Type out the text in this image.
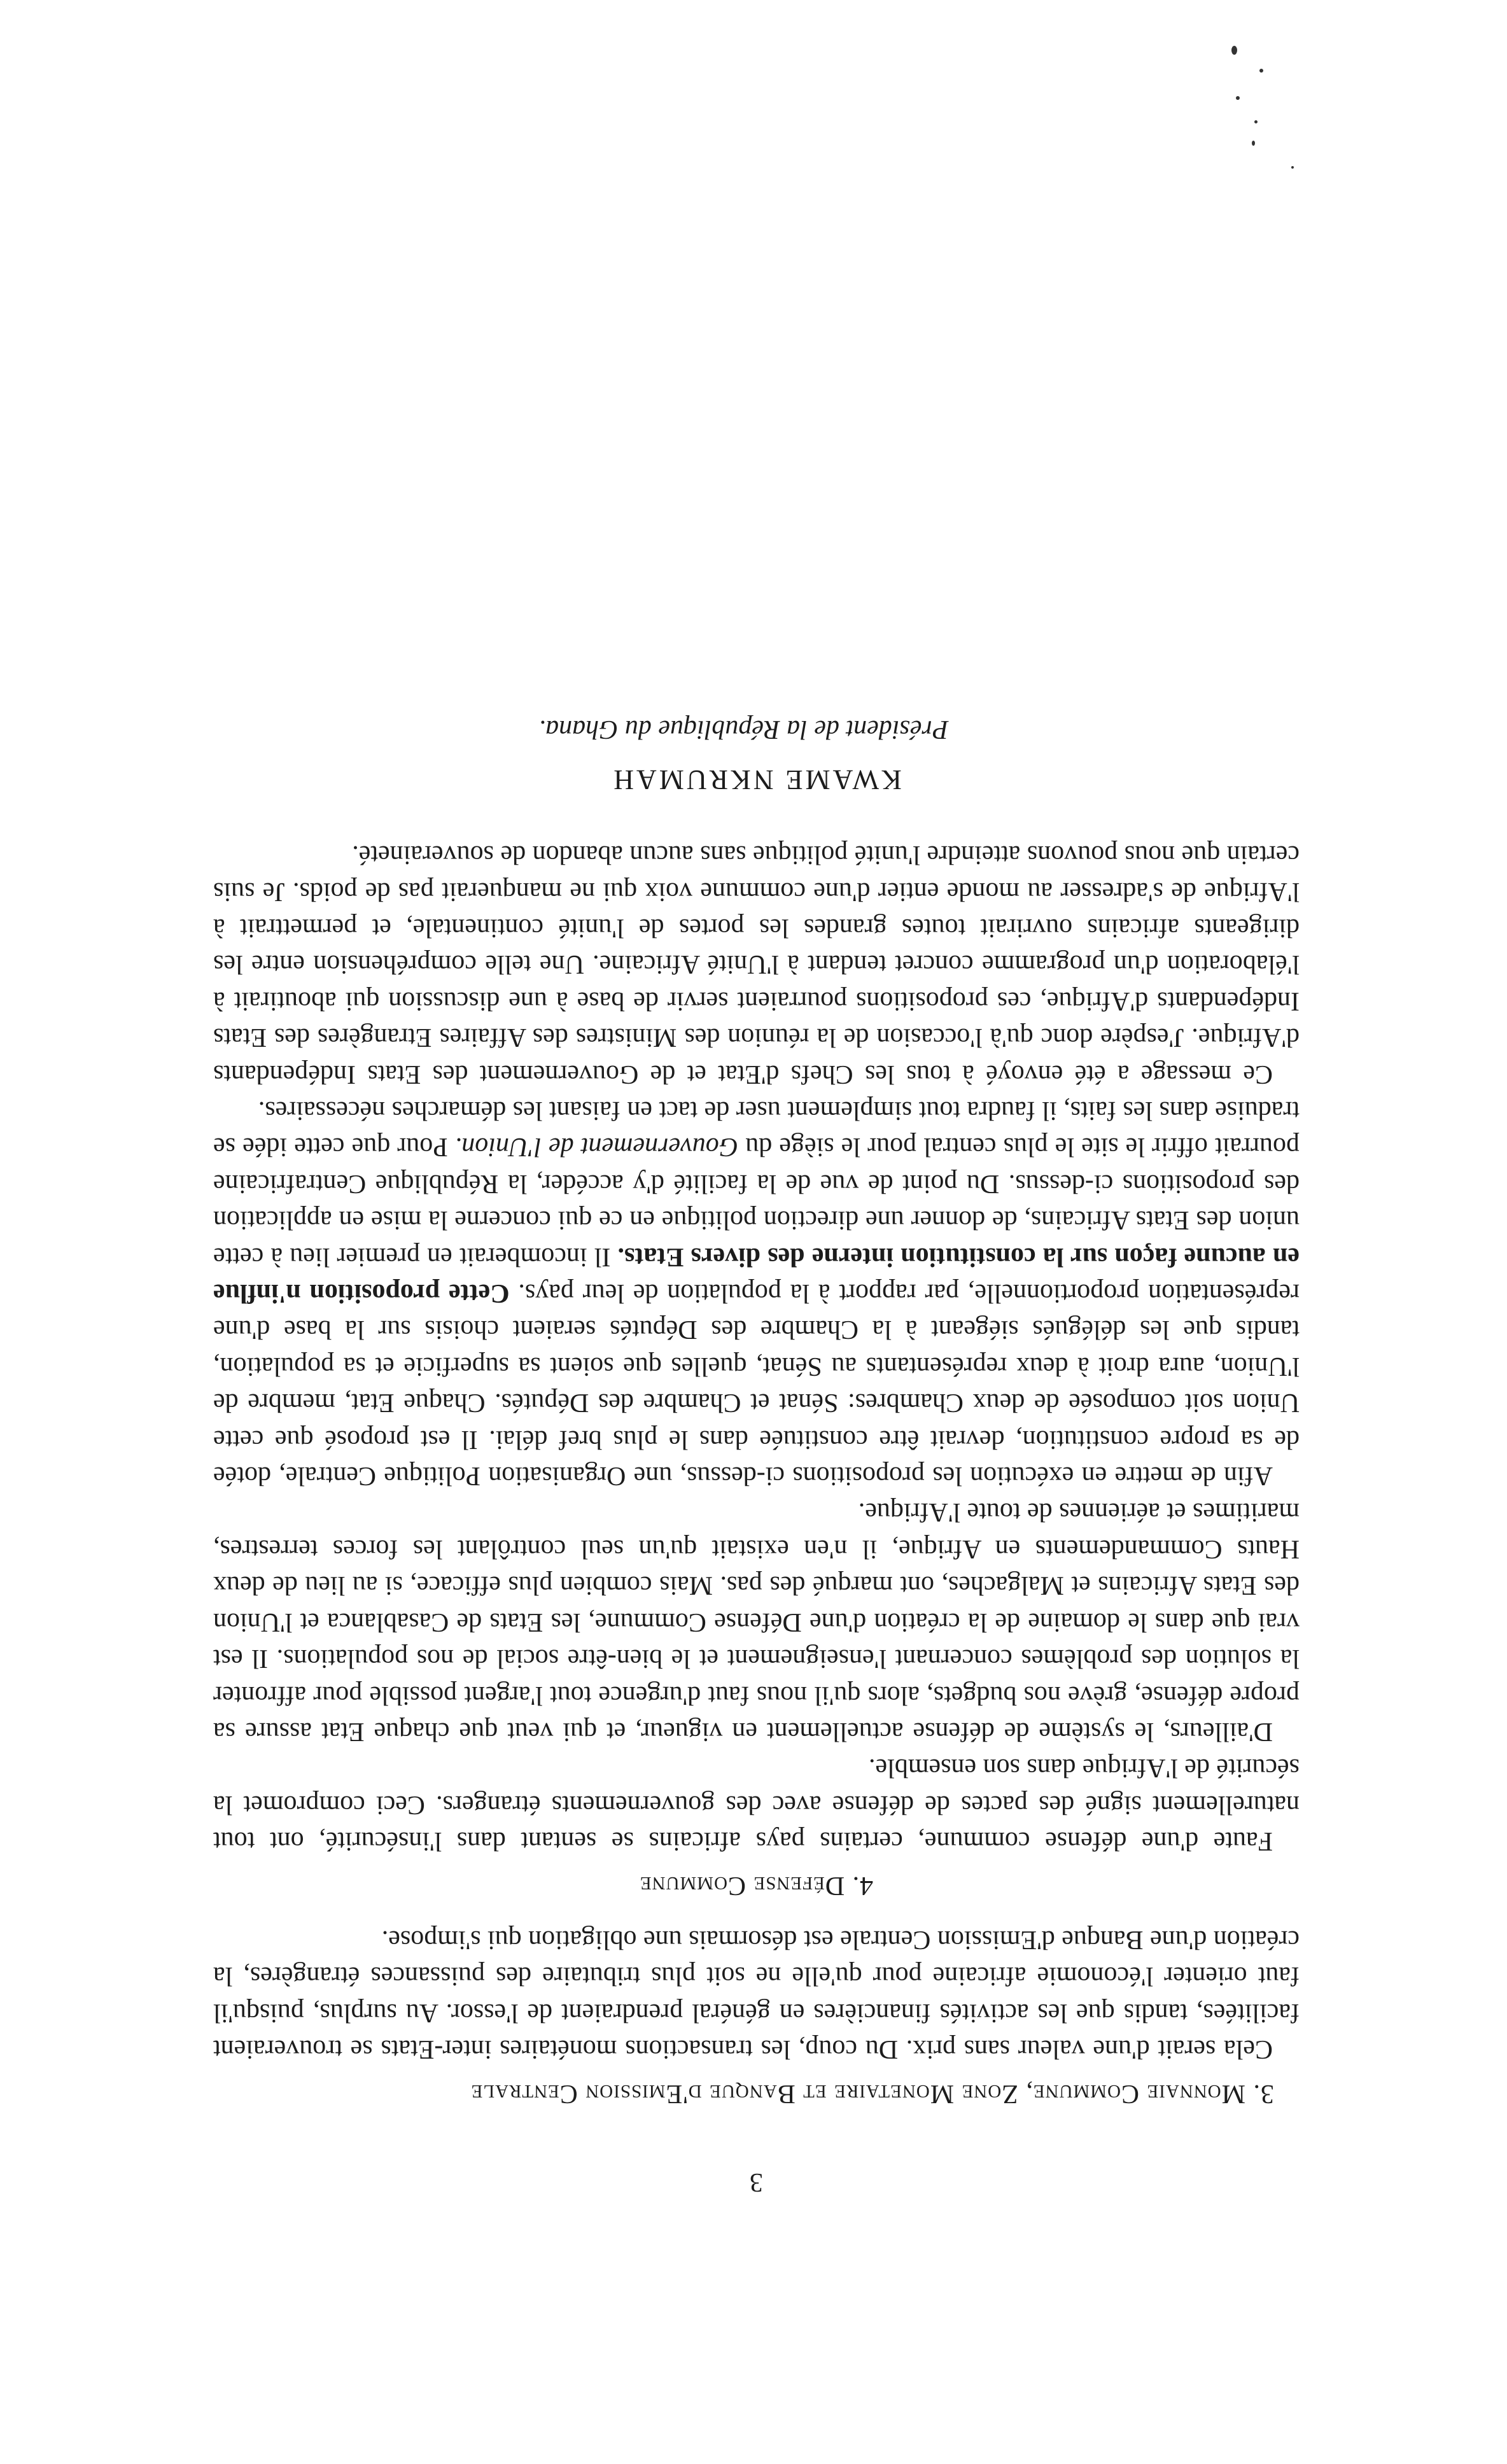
3
3. Monnaie Commune, Zone Monetaire et Banque d'Emission Centrale

Cela serait d'une valeur sans prix. Du coup, les transactions monétaires inter-Etats se trouveraient facilitées, tandis que les activités financières en général prendraient de l'essor. Au surplus, puisqu'il faut orienter l'économie africaine pour qu'elle ne soit plus tributaire des puissances étrangères, la création d'une Banque d'Emission Centrale est désormais une obligation qui s'impose.

4. Défense Commune

Faute d'une défense commune, certains pays africains se sentant dans l'insécurité, ont tout naturellement signé des pactes de défense avec des gouvernements étrangers. Ceci compromet la sécurité de l'Afrique dans son ensemble.

D'ailleurs, le système de défense actuellement en vigueur, et qui veut que chaque Etat assure sa propre défense, grève nos budgets, alors qu'il nous faut d'urgence tout l'argent possible pour affronter la solution des problèmes concernant l'enseignement et le bien-être social de nos populations. Il est vrai que dans le domaine de la création d'une Défense Commune, les Etats de Casablanca et l'Union des Etats Africains et Malgaches, ont marqué des pas. Mais combien plus efficace, si au lieu de deux Hauts Commandements en Afrique, il n'en existait qu'un seul contrôlant les forces terrestres, maritimes et aériennes de toute l'Afrique.

Afin de mettre en exécution les propositions ci-dessus, une Organisation Politique Centrale, dotée de sa propre constitution, devrait être constituée dans le plus bref délai. Il est proposé que cette Union soit composée de deux Chambres: Sénat et Chambre des Députés. Chaque Etat, membre de l'Union, aura droit à deux représentants au Sénat, quelles que soient sa superficie et sa population, tandis que les délégués siégeant à la Chambre des Députés seraient choisis sur la base d'une représentation proportionnelle, par rapport à la population de leur pays. Cette proposition n'influe en aucune façon sur la constitution interne des divers Etats. Il incomberait en premier lieu à cette union des Etats Africains, de donner une direction politique en ce qui concerne la mise en application des propositions ci-dessus. Du point de vue de la facilité d'y accéder, la République Centrafricaine pourrait offrir le site le plus central pour le siège du Gouvernement de l'Union. Pour que cette idée se traduise dans les faits, il faudra tout simplement user de tact en faisant les démarches nécessaires.

Ce message a été envoyé à tous les Chefs d'Etat et de Gouvernement des Etats Indépendants d'Afrique. J'espère donc qu'à l'occasion de la réunion des Ministres des Affaires Etrangères des Etats Indépendants d'Afrique, ces propositions pourraient servir de base à une discussion qui aboutirait à l'élaboration d'un programme concret tendant à l'Unité Africaine. Une telle compréhension entre les dirigeants africains ouvrirait toutes grandes les portes de l'unité continentale, et permettrait à l'Afrique de s'adresser au monde entier d'une commune voix qui ne manquerait pas de poids. Je suis certain que nous pouvons atteindre l'unité politique sans aucun abandon de souveraineté.

KWAME NKRUMAH
Président de la République du Ghana.
